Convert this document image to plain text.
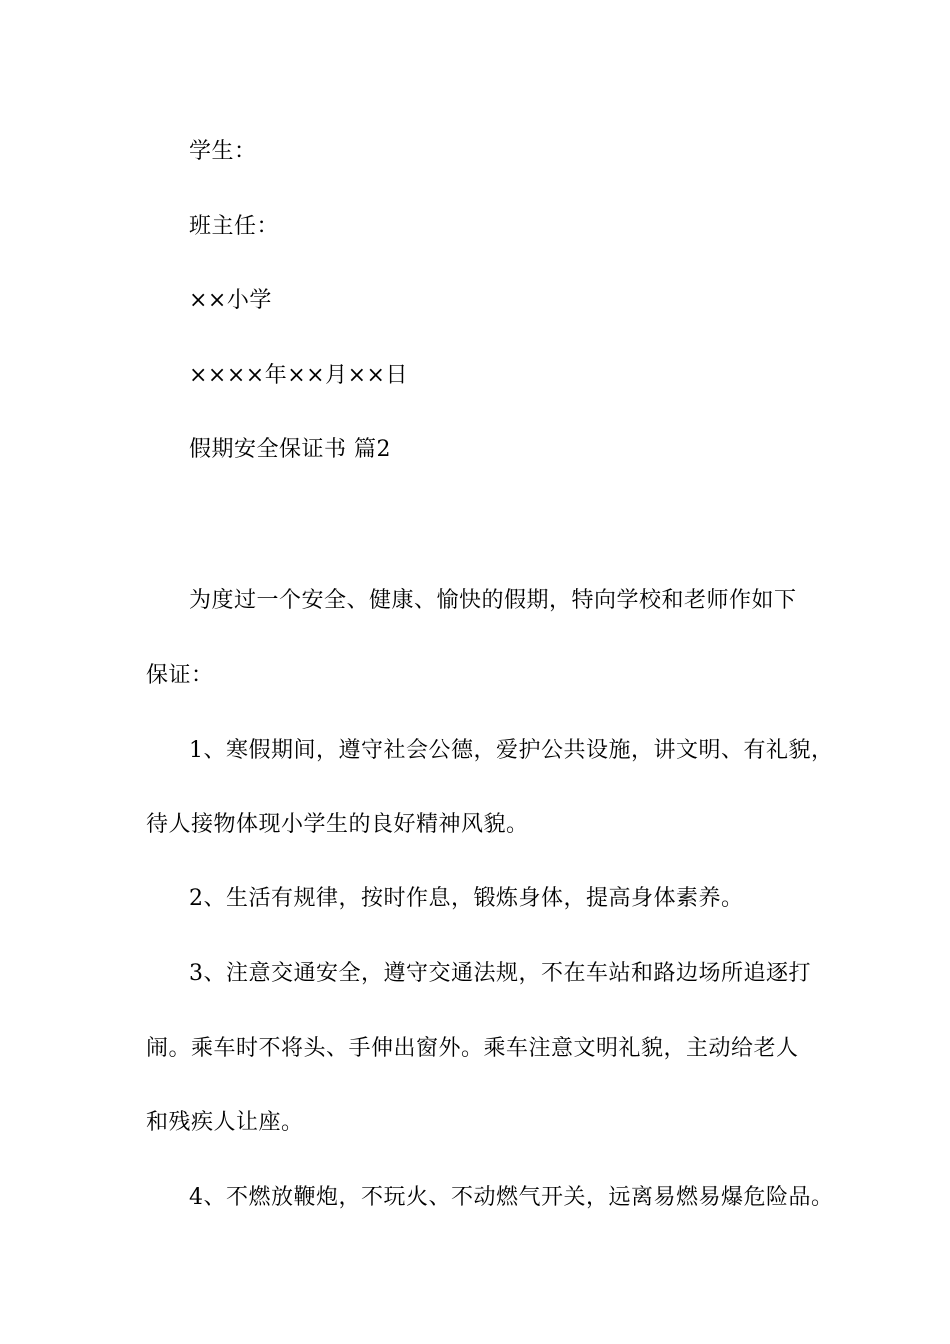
学生：
班主任：
××小学
××××年××月××日
假期安全保证书 篇2
为度过一个安全、健康、愉快的假期，特向学校和老师作如下
保证：
1、寒假期间，遵守社会公德，爱护公共设施，讲文明、有礼貌，
待人接物体现小学生的良好精神风貌。
2、生活有规律，按时作息，锻炼身体，提高身体素养。
3、注意交通安全，遵守交通法规，不在车站和路边场所追逐打
闹。乘车时不将头、手伸出窗外。乘车注意文明礼貌，主动给老人
和残疾人让座。
4、不燃放鞭炮，不玩火、不动燃气开关，远离易燃易爆危险品。
